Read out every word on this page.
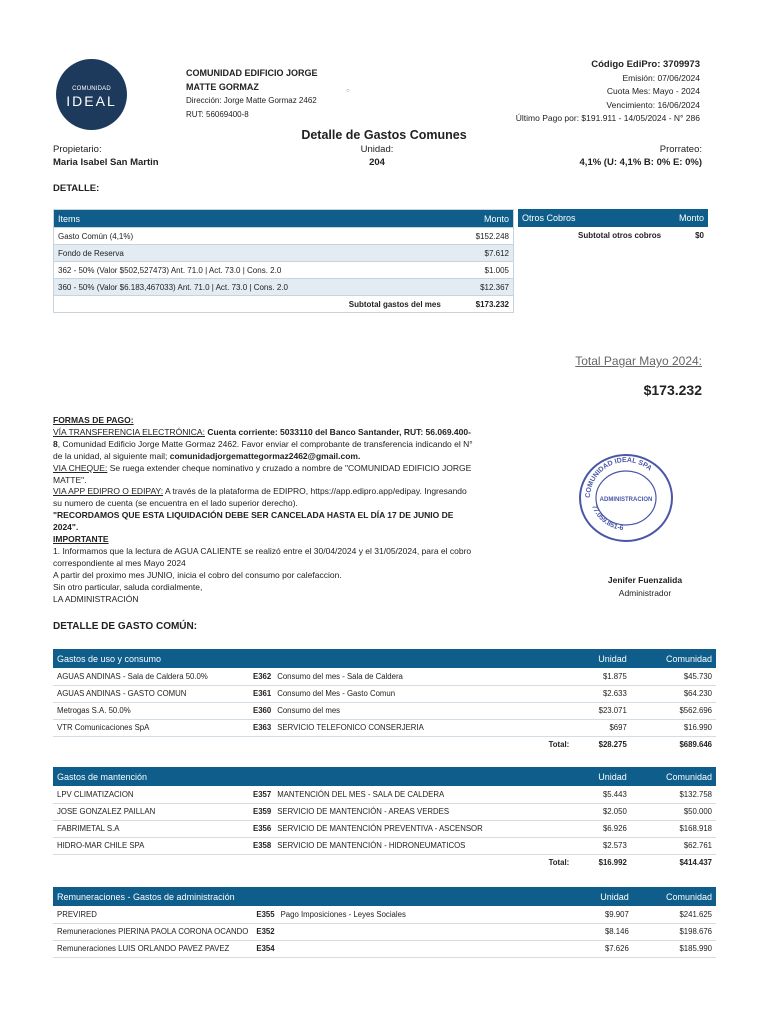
COMUNIDAD
IDEAL
COMUNIDAD EDIFICIO JORGE
MATTE GORMAZ
Dirección: Jorge Matte Gormaz 2462
RUT: 56069400-8
○
Código EdiPro: 3709973
Emisión: 07/06/2024
Cuota Mes: Mayo - 2024
Vencimiento: 16/06/2024
Último Pago por: $191.911 - 14/05/2024 - N° 286
Detalle de Gastos Comunes
Propietario:
Maria Isabel San Martin
Unidad:
204
Prorrateo:
4,1% (U: 4,1% B: 0% E: 0%)
DETALLE:
Items	Monto
Gasto Común (4,1%)	$152.248
Fondo de Reserva	$7.612
362 - 50% (Valor $502,527473) Ant. 71.0 | Act. 73.0 | Cons. 2.0	$1.005
360 - 50% (Valor $6.183,467033) Ant. 71.0 | Act. 73.0 | Cons. 2.0	$12.367
Subtotal gastos del mes	$173.232
Otros Cobros	Monto
Subtotal otros cobros	$0
Total Pagar Mayo 2024:
$173.232
FORMAS DE PAGO:
VÍA TRANSFERENCIA ELECTRÓNICA: Cuenta corriente: 5033110 del Banco Santander, RUT: 56.069.400-8, Comunidad Edificio Jorge Matte Gormaz 2462. Favor enviar el comprobante de transferencia indicando el N° de la unidad, al siguiente mail; comunidadjorgemattegormaz2462@gmail.com.
VIA CHEQUE: Se ruega extender cheque nominativo y cruzado a nombre de "COMUNIDAD EDIFICIO JORGE MATTE".
VIA APP EDIPRO O EDIPAY: A través de la plataforma de EDIPRO, https://app.edipro.app/edipay. Ingresando su numero de cuenta (se encuentra en el lado superior derecho).
"RECORDAMOS QUE ESTA LIQUIDACIÓN DEBE SER CANCELADA HASTA EL DÍA 17 DE JUNIO DE 2024".
IMPORTANTE
1. Informamos que la lectura de AGUA CALIENTE se realizó entre el 30/04/2024 y el 31/05/2024, para el cobro correspondiente al mes Mayo 2024
A partir del proximo mes JUNIO, inicia el cobro del consumo por calefaccion.
Sin otro particular, saluda cordialmente,
LA ADMINISTRACIÓN
COMUNIDAD IDEAL SPA
ADMINISTRACION
77.059.851-6
Jenifer Fuenzalida
Administrador
DETALLE DE GASTO COMÚN:
Gastos de uso y consumo			Unidad	Comunidad
AGUAS ANDINAS - Sala de Caldera 50.0%	E362	Consumo del mes - Sala de Caldera	$1.875	$45.730
AGUAS ANDINAS - GASTO COMUN	E361	Consumo del Mes - Gasto Comun	$2.633	$64.230
Metrogas S.A. 50.0%	E360	Consumo del mes	$23.071	$562.696
VTR Comunicaciones SpA	E363	SERVICIO TELEFONICO CONSERJERIA	$697	$16.990
Total:			$28.275	$689.646
Gastos de mantención			Unidad	Comunidad
LPV CLIMATIZACION	E357	MANTENCIÓN DEL MES - SALA DE CALDERA	$5.443	$132.758
JOSE GONZALEZ PAILLAN	E359	SERVICIO DE MANTENCIÓN - AREAS VERDES	$2.050	$50.000
FABRIMETAL S.A	E356	SERVICIO DE MANTENCIÓN PREVENTIVA - ASCENSOR	$6.926	$168.918
HIDRO-MAR CHILE SPA	E358	SERVICIO DE MANTENCIÓN - HIDRONEUMATICOS	$2.573	$62.761
Total:			$16.992	$414.437
Remuneraciones - Gastos de administración			Unidad	Comunidad
PREVIRED	E355	Pago Imposiciones - Leyes Sociales	$9.907	$241.625
Remuneraciones PIERINA PAOLA CORONA OCANDO	E352		$8.146	$198.676
Remuneraciones LUIS ORLANDO PAVEZ PAVEZ	E354		$7.626	$185.990
